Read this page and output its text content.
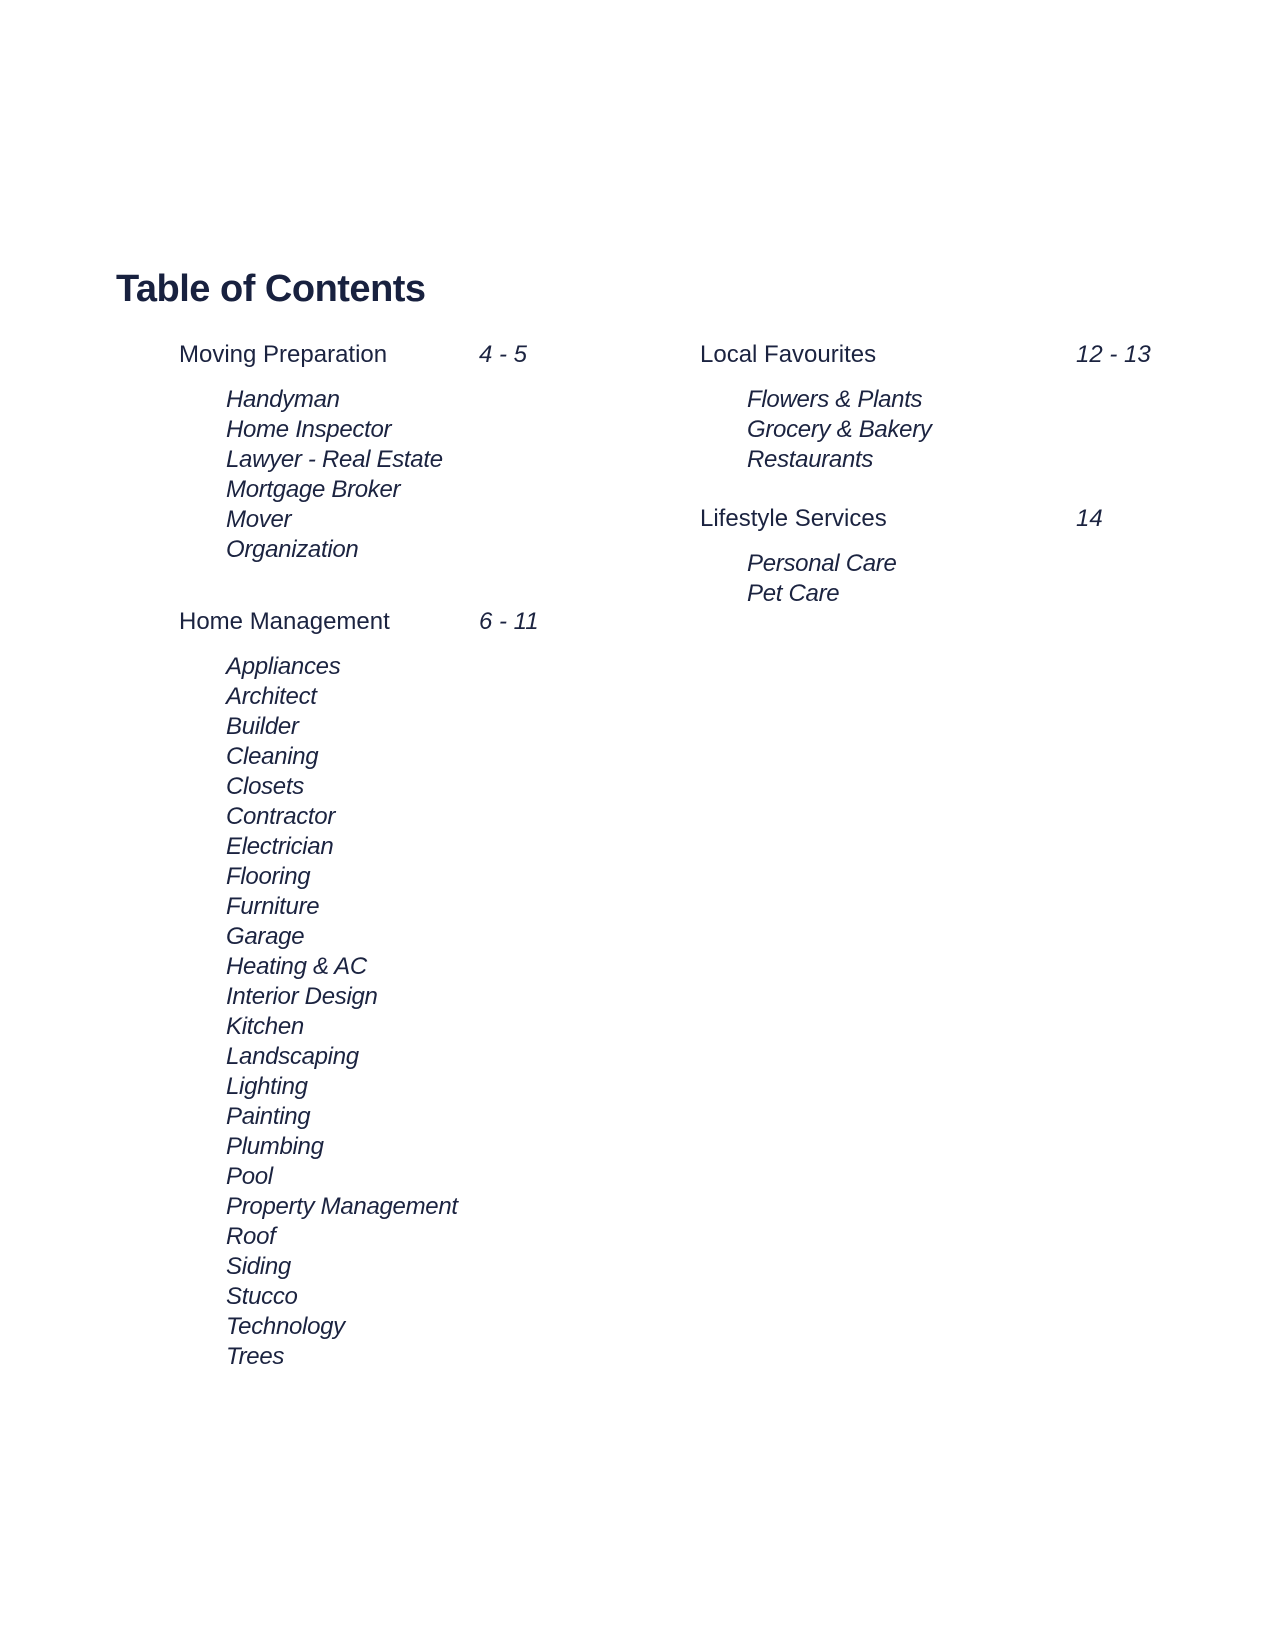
Table of Contents
Moving Preparation	4 - 5
Handyman
Home Inspector
Lawyer - Real Estate
Mortgage Broker
Mover
Organization
Home Management	6 - 11
Appliances
Architect
Builder
Cleaning
Closets
Contractor
Electrician
Flooring
Furniture
Garage
Heating & AC
Interior Design
Kitchen
Landscaping
Lighting
Painting
Plumbing
Pool
Property Management
Roof
Siding
Stucco
Technology
Trees
Local Favourites	12 - 13
Flowers & Plants
Grocery & Bakery
Restaurants
Lifestyle Services	14
Personal Care
Pet Care
